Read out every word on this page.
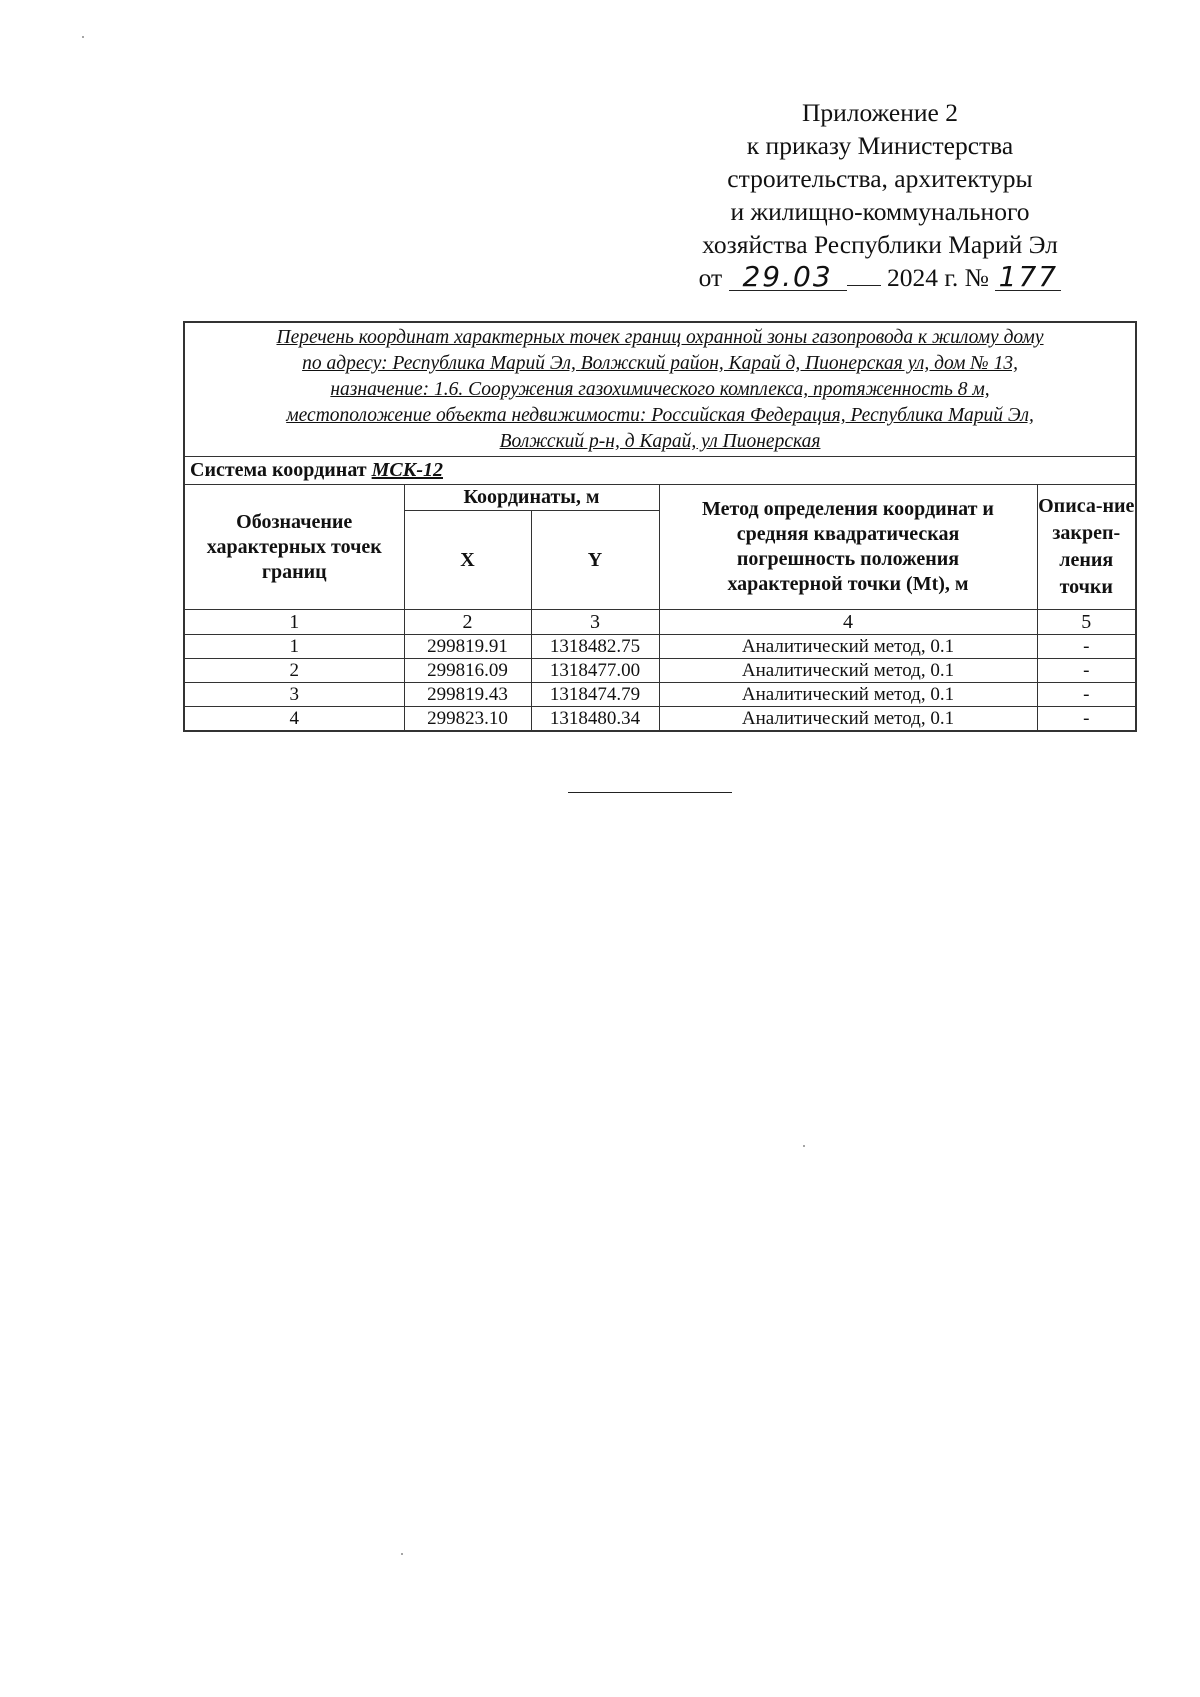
Приложение 2
к приказу Министерства
строительства, архитектуры
и жилищно-коммунального
хозяйства Республики Марий Эл
от 29.03 2024 г. № 177
Перечень координат характерных точек границ охранной зоны газопровода к жилому дому
по адресу: Республика Марий Эл, Волжский район, Карай д, Пионерская ул, дом № 13,
назначение: 1.6. Сооружения газохимического комплекса, протяженность 8 м,
местоположение объекта недвижимости: Российская Федерация, Республика Марий Эл,
Волжский р-н, д Карай, ул Пионерская				

Система координат МСК-12				
Обозначение характерных точек границ	Координаты, м		Метод определения координат и средняя квадратическая погрешность положения характерной точки (Mt), м	Описа-ние закреп-ления точки
	X	Y		
1	2	3	4	5
1	299819.91	1318482.75	Аналитический метод, 0.1	-
2	299816.09	1318477.00	Аналитический метод, 0.1	-
3	299819.43	1318474.79	Аналитический метод, 0.1	-
4	299823.10	1318480.34	Аналитический метод, 0.1	-
